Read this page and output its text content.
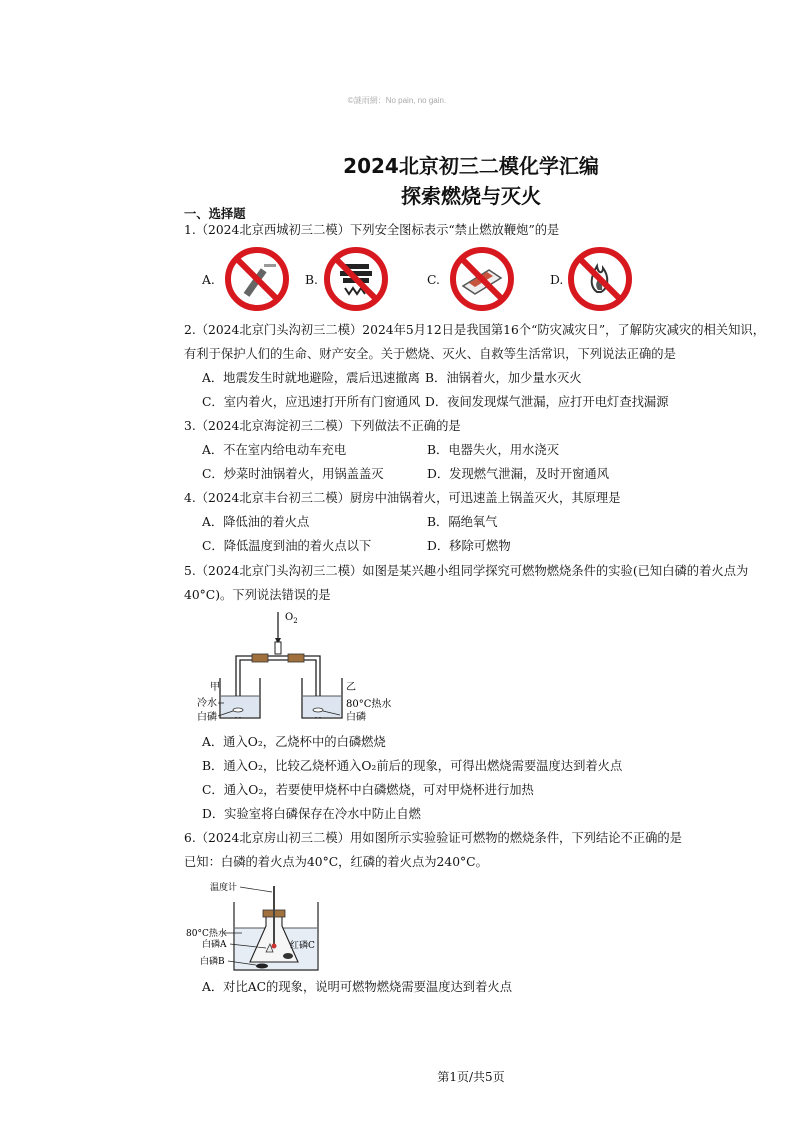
©謎雨網：No pain, no gain.
2024北京初三二模化学汇编
探索燃烧与灭火
一、选择题
1.（2024北京西城初三二模）下列安全图标表示“禁止燃放鞭炮”的是
A.	B.	C.	D.
2.（2024北京门头沟初三二模）2024年5月12日是我国第16个“防灾减灾日”，了解防灾减灾的相关知识，
有利于保护人们的生命、财产安全。关于燃烧、灭火、自救等生活常识，下列说法正确的是
A．地震发生时就地避险，震后迅速撤离 B．油锅着火，加少量水灭火
C．室内着火，应迅速打开所有门窗通风 D．夜间发现煤气泄漏，应打开电灯查找漏源
3.（2024北京海淀初三二模）下列做法不正确的是
A．不在室内给电动车充电	B．电器失火，用水浇灭
C．炒菜时油锅着火，用锅盖盖灭	D．发现燃气泄漏，及时开窗通风
4.（2024北京丰台初三二模）厨房中油锅着火，可迅速盖上锅盖灭火，其原理是
A．降低油的着火点	B．隔绝氧气
C．降低温度到油的着火点以下	D．移除可燃物
5.（2024北京门头沟初三二模）如图是某兴趣小组同学探究可燃物燃烧条件的实验(已知白磷的着火点为
40°C)。下列说法错误的是
$O_2$
甲
冷水
白磷
乙
80°C热水
白磷
A．通入O₂，乙烧杯中的白磷燃烧
B．通入O₂，比较乙烧杯通入O₂前后的现象，可得出燃烧需要温度达到着火点
C．通入O₂，若要使甲烧杯中白磷燃烧，可对甲烧杯进行加热
D．实验室将白磷保存在冷水中防止自燃
6.（2024北京房山初三二模）用如图所示实验验证可燃物的燃烧条件，下列结论不正确的是
已知：白磷的着火点为40°C，红磷的着火点为240°C。
温度计
80°C热水
白磷A	红磷C
白磷B
A．对比AC的现象，说明可燃物燃烧需要温度达到着火点
第1页/共5页
